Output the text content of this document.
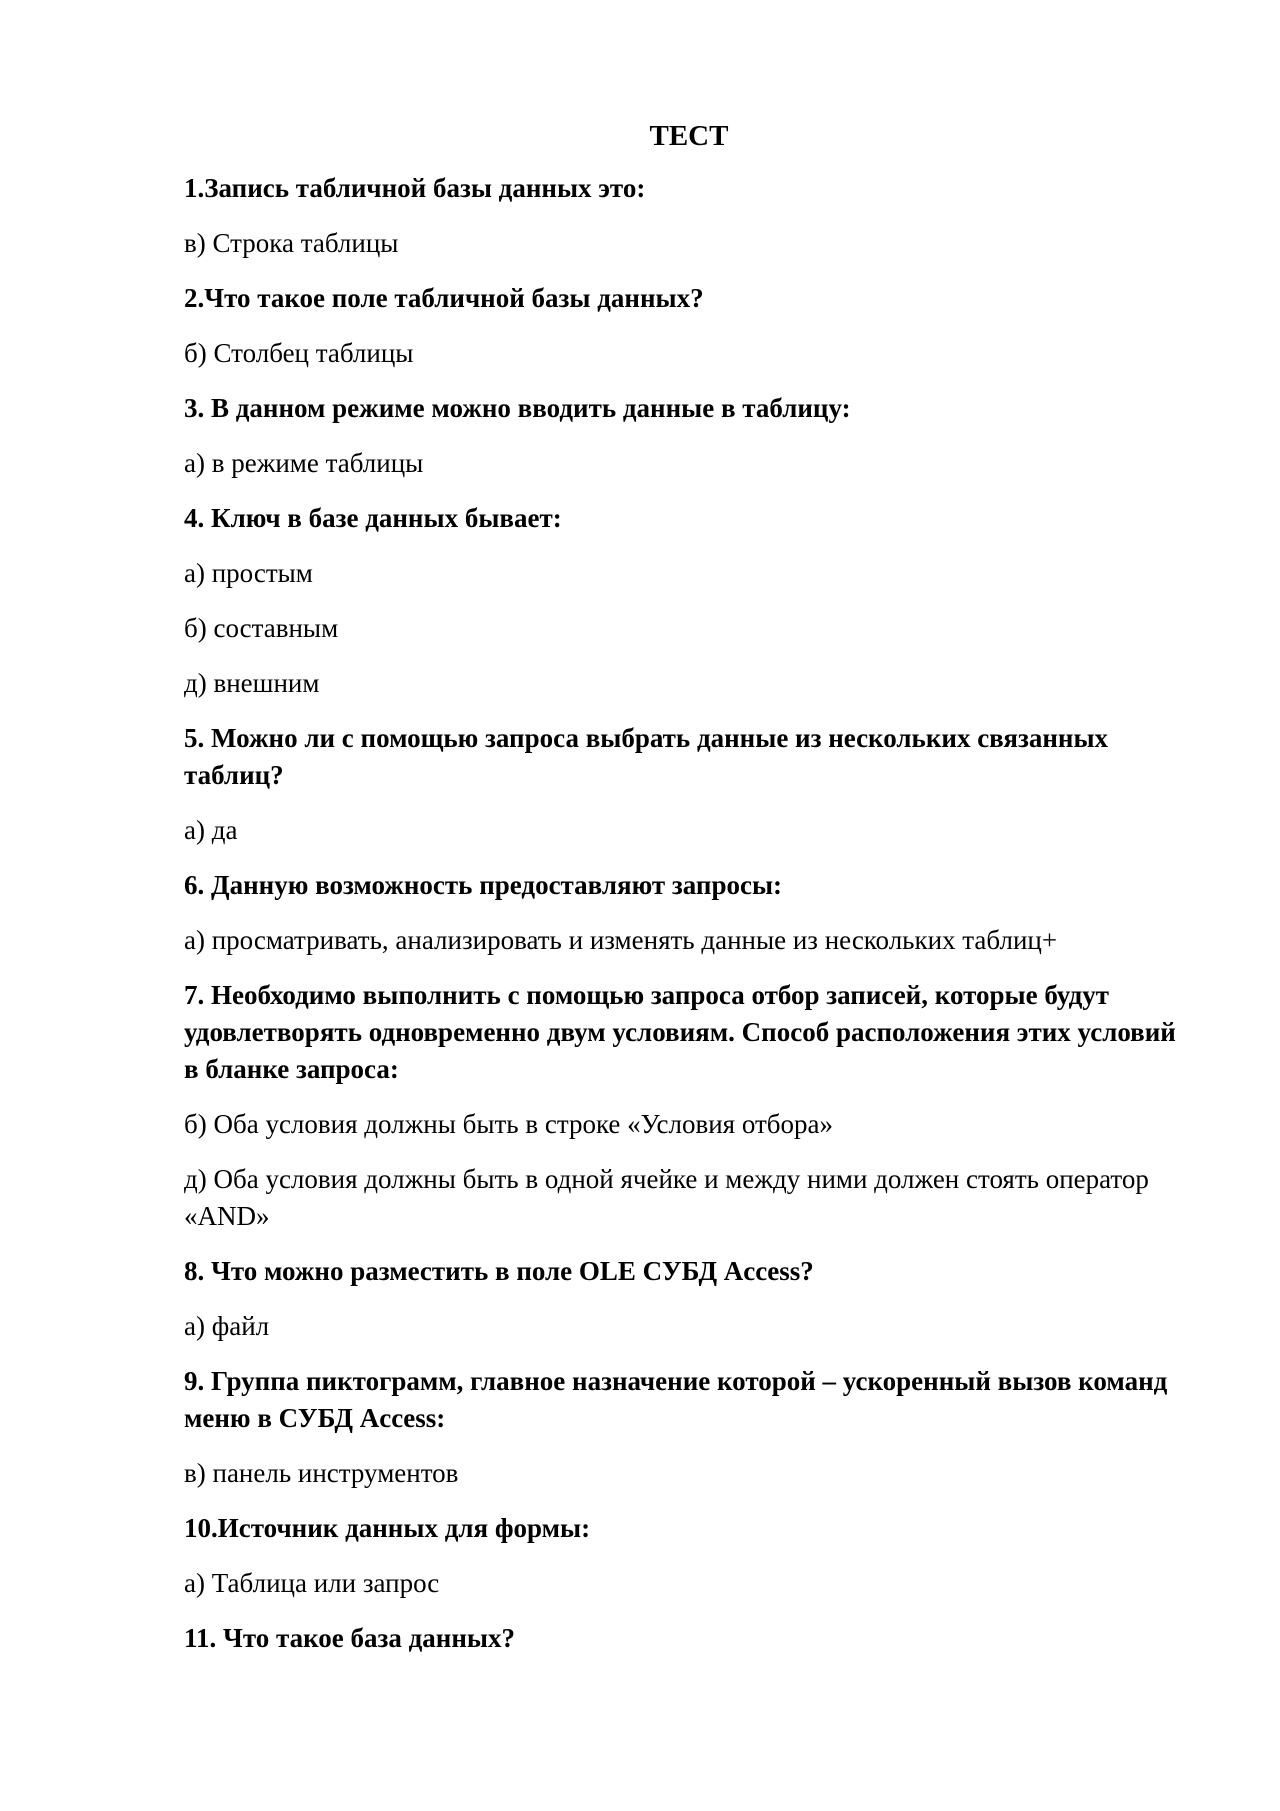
ТЕСТ
1.Запись табличной базы данных это:
в) Строка таблицы
2.Что такое поле табличной базы данных?
б) Столбец таблицы
3. В данном режиме можно вводить данные в таблицу:
а) в режиме таблицы
4. Ключ в базе данных бывает:
а) простым
б) составным
д) внешним
5. Можно ли с помощью запроса выбрать данные из нескольких связанных таблиц?
а) да
6. Данную возможность предоставляют запросы:
а) просматривать, анализировать и изменять данные из нескольких таблиц+
7. Необходимо выполнить с помощью запроса отбор записей, которые будут удовлетворять одновременно двум условиям. Способ расположения этих условий в бланке запроса:
б) Оба условия должны быть в строке «Условия отбора»
д) Оба условия должны быть в одной ячейке и между ними должен стоять оператор «AND»
8. Что можно разместить в поле OLE СУБД Access?
а) файл
9. Группа пиктограмм, главное назначение которой – ускоренный вызов команд меню в СУБД Access:
в) панель инструментов
10.Источник данных для формы:
а) Таблица или запрос
11. Что такое база данных?
